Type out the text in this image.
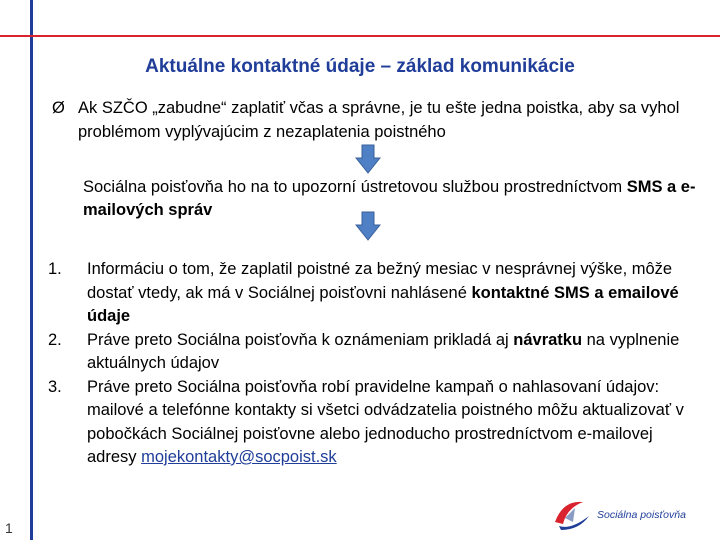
Aktuálne kontaktné údaje – základ komunikácie
Ø Ak SZČO „zabudne“ zaplatiť včas a správne, je tu ešte jedna poistka, aby sa vyhol problémom vyplývajúcim z nezaplatenia poistného
Sociálna poisťovňa ho na to upozorní ústretovou službou prostredníctvom SMS a e-mailových správ
1.	Informáciu o tom, že zaplatil poistné za bežný mesiac v nesprávnej výške, môže dostať vtedy, ak má v Sociálnej poisťovni nahlásené kontaktné SMS a emailové údaje
2.	Práve preto Sociálna poisťovňa k oznámeniam prikladá aj návratku na vyplnenie aktuálnych údajov
3.	Práve preto Sociálna poisťovňa robí pravidelne kampaň o nahlasovaní údajov: mailové a telefónne kontakty si všetci odvádzatelia poistného môžu aktualizovať v pobočkách Sociálnej poisťovne alebo jednoducho prostredníctvom e-mailovej adresy mojekontakty@socpoist.sk
1
Sociálna poisťovňa
